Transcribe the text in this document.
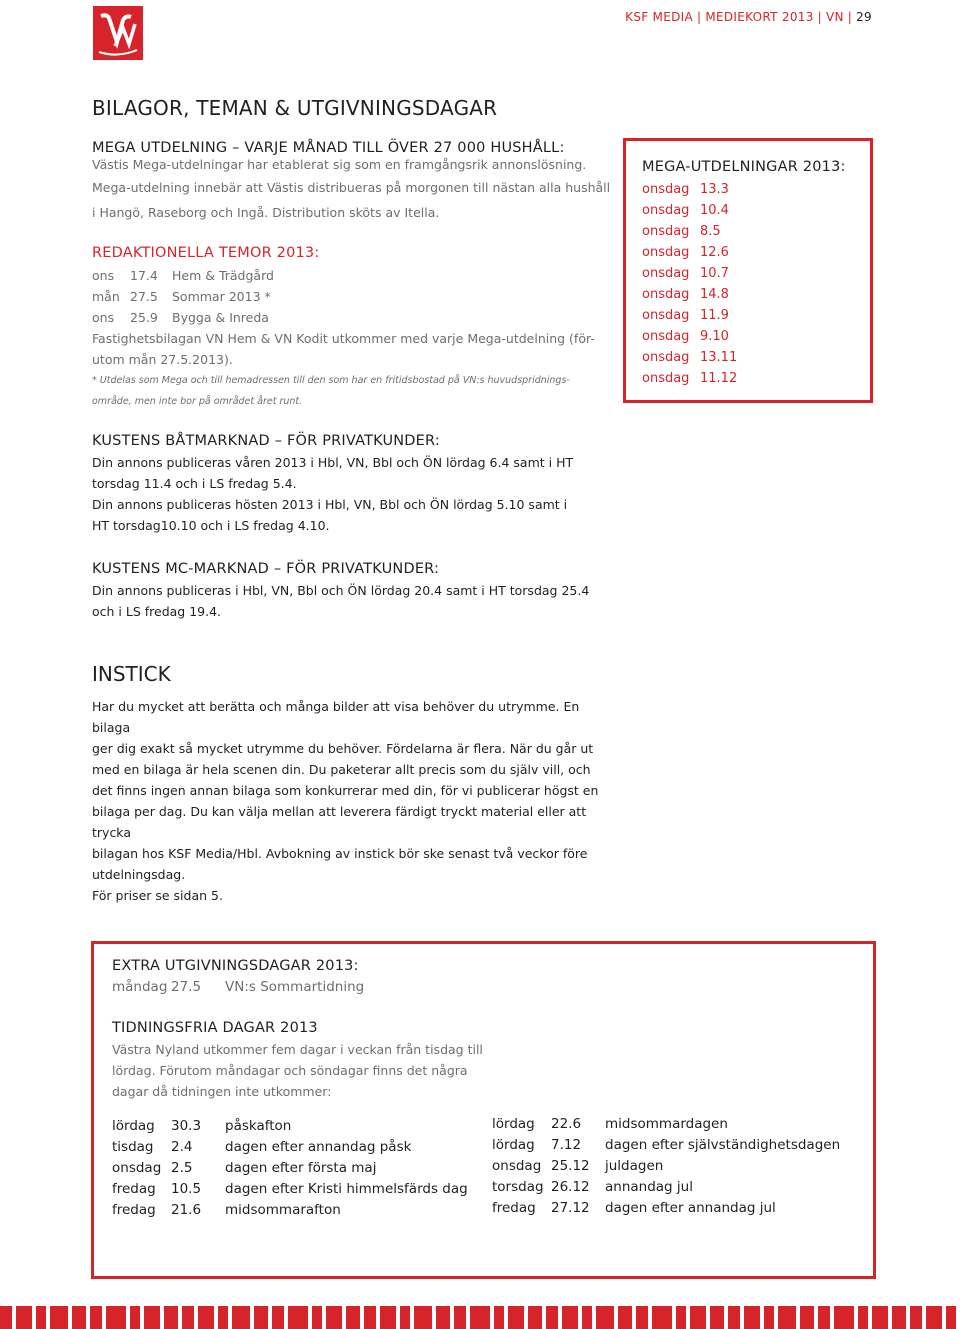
KSF MEDIA | MEDIEKORT 2013 | VN | 29
BILAGOR, TEMAN & UTGIVNINGSDAGAR
MEGA UTDELNING – VARJE MÅNAD TILL ÖVER 27 000 HUSHÅLL:
Västis Mega-utdelningar har etablerat sig som en framgångsrik annonslösning.
Mega-utdelning innebär att Västis distribueras på morgonen till nästan alla hushåll
i Hangö, Raseborg och Ingå. Distribution sköts av Itella.
REDAKTIONELLA TEMOR 2013:
ons	17.4	Hem & Trädgård
mån 27.5	Sommar 2013 *
ons	25.9	Bygga & Inreda
Fastighetsbilagan VN Hem & VN Kodit utkommer med varje Mega-utdelning (för-
utom mån 27.5.2013).
* Utdelas som Mega och till hemadressen till den som har en fritidsbostad på VN:s huvudspridnings-
område, men inte bor på området året runt.
MEGA-UTDELNINGAR 2013:
onsdag 13.3
onsdag 10.4
onsdag 8.5
onsdag 12.6
onsdag 10.7
onsdag 14.8
onsdag 11.9
onsdag 9.10
onsdag 13.11
onsdag 11.12
KUSTENS BÅTMARKNAD – FÖR PRIVATKUNDER:
Din annons publiceras våren 2013 i Hbl, VN, Bbl och ÖN lördag 6.4 samt i HT
torsdag 11.4 och i LS fredag 5.4.
Din annons publiceras hösten 2013 i Hbl, VN, Bbl och ÖN lördag 5.10 samt i
HT torsdag10.10 och i LS fredag 4.10.
KUSTENS MC-MARKNAD – FÖR PRIVATKUNDER:
Din annons publiceras i Hbl, VN, Bbl och ÖN lördag 20.4 samt i HT torsdag 25.4
och i LS fredag 19.4.
INSTICK
Har du mycket att berätta och många bilder att visa behöver du utrymme. En bilaga
ger dig exakt så mycket utrymme du behöver. Fördelarna är flera. När du går ut
med en bilaga är hela scenen din. Du paketerar allt precis som du själv vill, och
det finns ingen annan bilaga som konkurrerar med din, för vi publicerar högst en
bilaga per dag. Du kan välja mellan att leverera färdigt tryckt material eller att trycka
bilagan hos KSF Media/Hbl. Avbokning av instick bör ske senast två veckor före
utdelningsdag.
För priser se sidan 5.
EXTRA UTGIVNINGSDAGAR 2013:
måndag 27.5	VN:s Sommartidning
TIDNINGSFRIA DAGAR 2013
Västra Nyland utkommer fem dagar i veckan från tisdag till
lördag. Förutom måndagar och söndagar finns det några
dagar då tidningen inte utkommer:
lördag	30.3	påskafton
tisdag	2.4	dagen efter annandag påsk
onsdag 2.5	dagen efter första maj
fredag	10.5	dagen efter Kristi himmelsfärds dag
fredag	21.6	midsommarafton
lördag	22.6	midsommardagen
lördag	7.12	dagen efter självständighetsdagen
onsdag 25.12	juldagen
torsdag 26.12	annandag jul
fredag	27.12	dagen efter annandag jul
